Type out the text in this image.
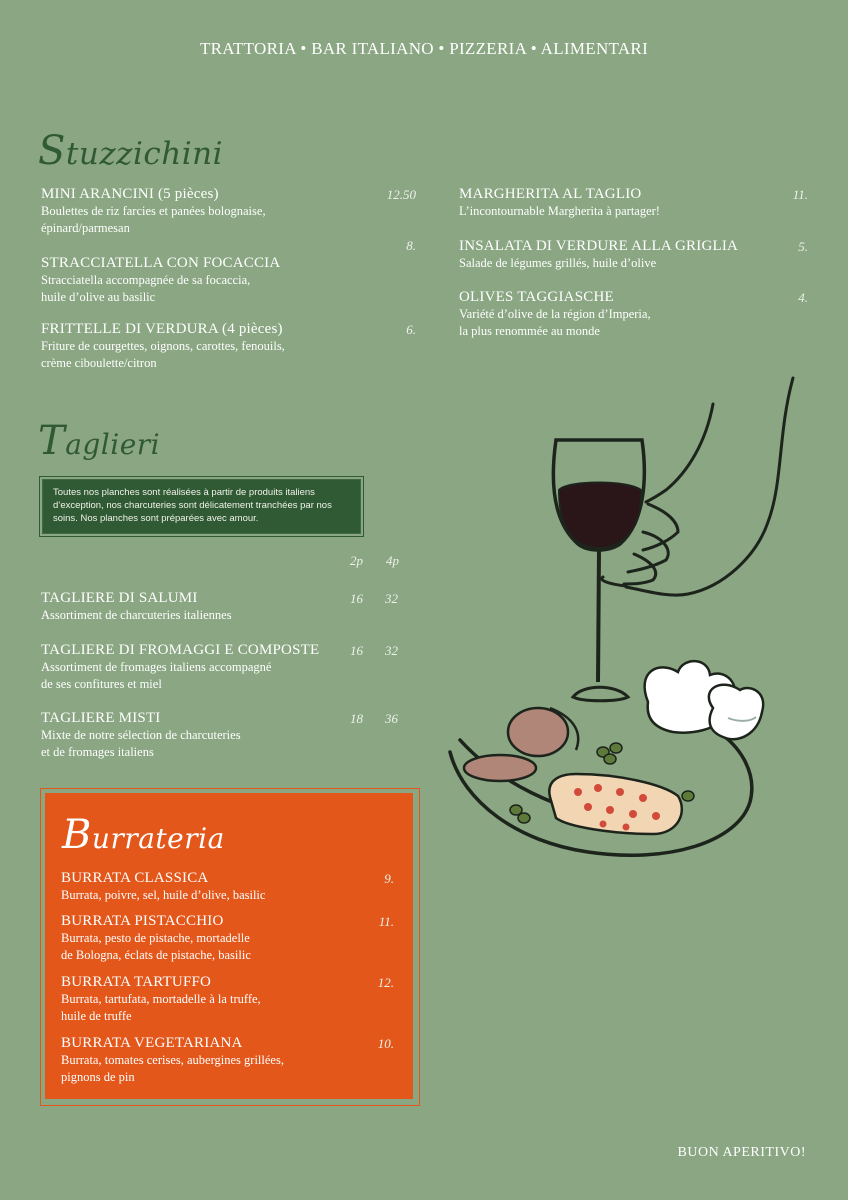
TRATTORIA • BAR ITALIANO • PIZZERIA • ALIMENTARI
Stuzzichini
MINI ARANCINI (5 pièces)
Boulettes de riz farcies et panées bolognaise,
épinard/parmesan
12.50
STRACCIATELLA CON FOCACCIA
Stracciatella accompagnée de sa focaccia,
huile d’olive au basilic
8.
FRITTELLE DI VERDURA (4 pièces)
Friture de courgettes, oignons, carottes, fenouils,
crème ciboulette/citron
6.
MARGHERITA AL TAGLIO
L’incontournable Margherita à partager!
11.
INSALATA DI VERDURE ALLA GRIGLIA
Salade de légumes grillés, huile d’olive
5.
OLIVES TAGGIASCHE
Variété d’olive de la région d’Imperia,
la plus renommée au monde
4.
Taglieri

Toutes nos planches sont réalisées à partir de produits italiens d’exception, nos charcuteries sont délicatement tranchées par nos soins. Nos planches sont préparées avec amour.

2p 4p
TAGLIERE DI SALUMI
Assortiment de charcuteries italiennes
16 32
TAGLIERE DI FROMAGGI E COMPOSTE
Assortiment de fromages italiens accompagné
de ses confitures et miel
16 32
TAGLIERE MISTI
Mixte de notre sélection de charcuteries
et de fromages italiens
18 36
Burrateria
BURRATA CLASSICA
Burrata, poivre, sel, huile d’olive, basilic
9.
BURRATA PISTACCHIO
Burrata, pesto de pistache, mortadelle
de Bologna, éclats de pistache, basilic
11.
BURRATA TARTUFFO
Burrata, tartufata, mortadelle à la truffe,
huile de truffe
12.
BURRATA VEGETARIANA
Burrata, tomates cerises, aubergines grillées,
pignons de pin
10.
BUON APERITIVO!
